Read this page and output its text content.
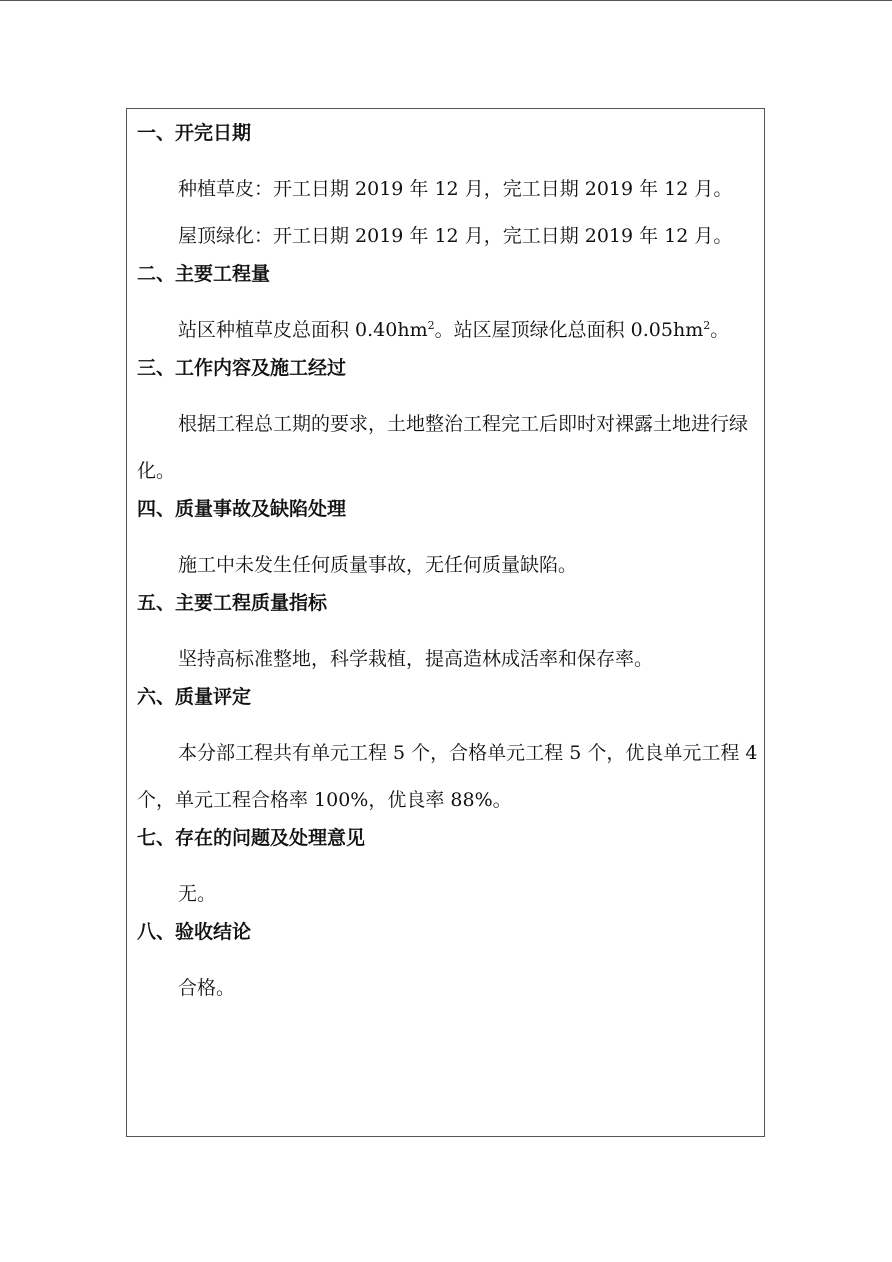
一、开完日期

种植草皮：开工日期 2019 年 12 月，完工日期 2019 年 12 月。

屋顶绿化：开工日期 2019 年 12 月，完工日期 2019 年 12 月。

二、主要工程量

站区种植草皮总面积 $0.40hm^2$。站区屋顶绿化总面积 $0.05hm^2$。

三、工作内容及施工经过

根据工程总工期的要求，土地整治工程完工后即时对裸露土地进行绿化。

四、质量事故及缺陷处理

施工中未发生任何质量事故，无任何质量缺陷。

五、主要工程质量指标

坚持高标准整地，科学栽植，提高造林成活率和保存率。

六、质量评定

本分部工程共有单元工程 5 个，合格单元工程 5 个，优良单元工程 4 个，单元工程合格率 100%，优良率 88%。

七、存在的问题及处理意见

无。

八、验收结论

合格。
